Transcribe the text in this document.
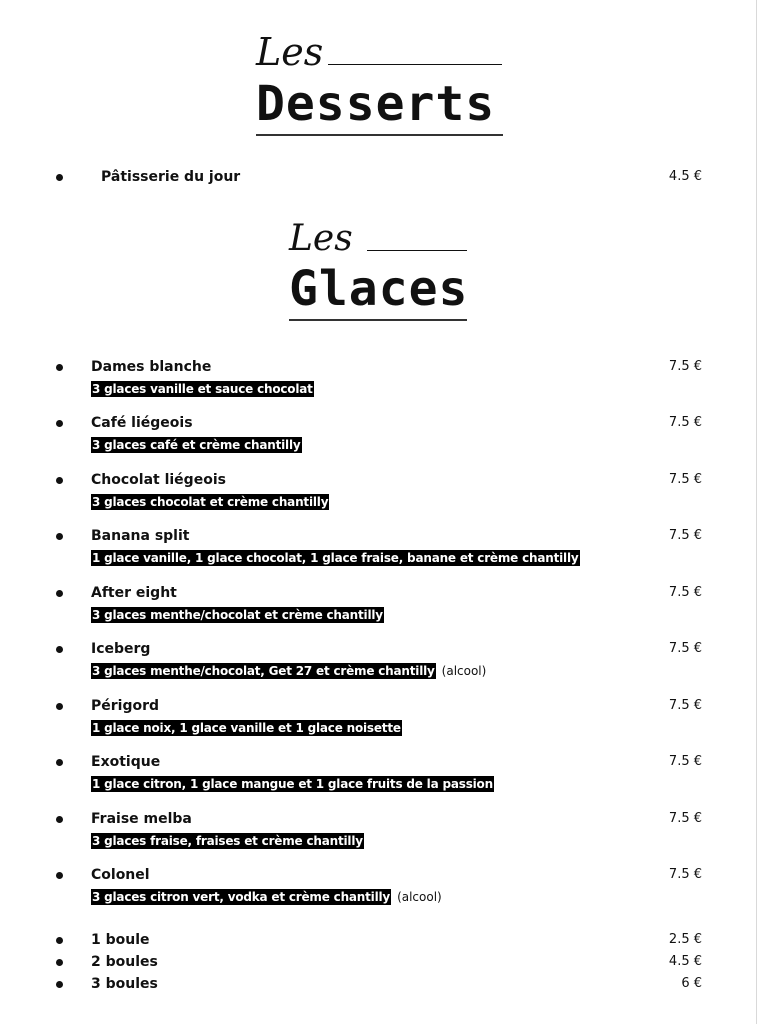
Les
Desserts
Pâtisserie du jour	4.5 €
Les
Glaces
Dames blanche	7.5 €
3 glaces vanille et sauce chocolat
Café liégeois	7.5 €
3 glaces café et crème chantilly
Chocolat liégeois	7.5 €
3 glaces chocolat et crème chantilly
Banana split	7.5 €
1 glace vanille, 1 glace chocolat, 1 glace fraise, banane et crème chantilly
After eight	7.5 €
3 glaces menthe/chocolat et crème chantilly
Iceberg	7.5 €
3 glaces menthe/chocolat, Get 27 et crème chantilly (alcool)
Périgord	7.5 €
1 glace noix, 1 glace vanille et 1 glace noisette
Exotique	7.5 €
1 glace citron, 1 glace mangue et 1 glace fruits de la passion
Fraise melba	7.5 €
3 glaces fraise, fraises et crème chantilly
Colonel	7.5 €
3 glaces citron vert, vodka et crème chantilly (alcool)
1 boule	2.5 €
2 boules	4.5 €
3 boules	6 €
